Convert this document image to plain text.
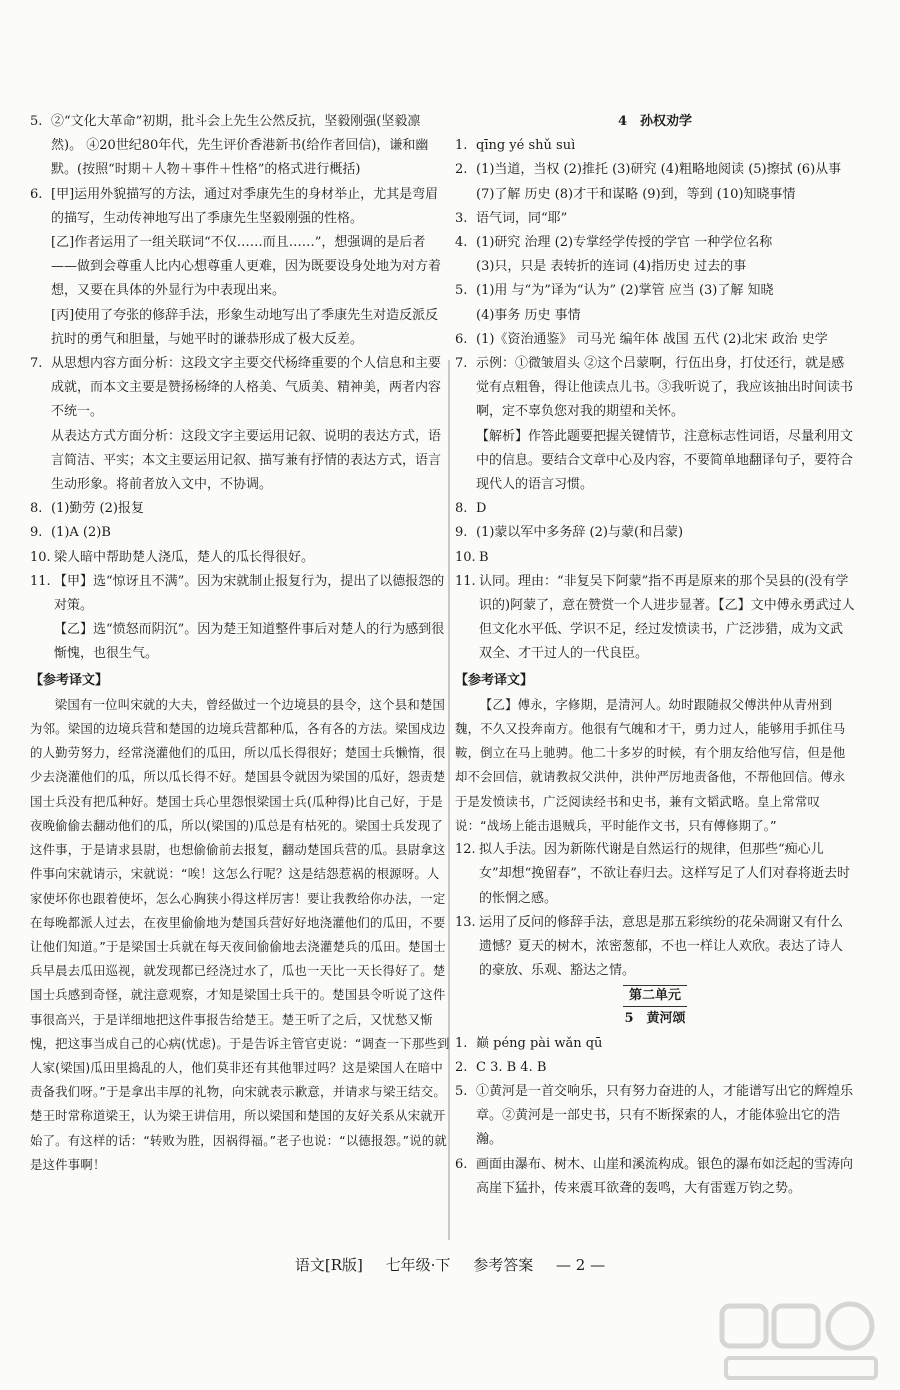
5. ②“文化大革命”初期，批斗会上先生公然反抗，坚毅刚强(坚毅凛然)。 ④20世纪80年代，先生评价香港新书(给作者回信)，谦和幽默。(按照“时期＋人物＋事件＋性格”的格式进行概括)
6. [甲]运用外貌描写的方法，通过对季康先生的身材举止，尤其是弯眉的描写，生动传神地写出了季康先生坚毅刚强的性格。
[乙]作者运用了一组关联词“不仅……而且……”，想强调的是后者——做到会尊重人比内心想尊重人更难，因为既要设身处地为对方着想，又要在具体的外显行为中表现出来。
[丙]使用了夸张的修辞手法，形象生动地写出了季康先生对造反派反抗时的勇气和胆量，与她平时的谦恭形成了极大反差。
7. 从思想内容方面分析：这段文字主要交代杨绛重要的个人信息和主要成就，而本文主要是赞扬杨绛的人格美、气质美、精神美，两者内容不统一。
从表达方式方面分析：这段文字主要运用记叙、说明的表达方式，语言简洁、平实；本文主要运用记叙、描写兼有抒情的表达方式，语言生动形象。将前者放入文中，不协调。
8. (1)勤劳 (2)报复
9. (1)A (2)B
10. 梁人暗中帮助楚人浇瓜，楚人的瓜长得很好。
11. 【甲】选“惊讶且不满”。因为宋就制止报复行为，提出了以德报怨的对策。
【乙】选“愤怒而阴沉”。因为楚王知道整件事后对楚人的行为感到很惭愧，也很生气。
【参考译文】
梁国有一位叫宋就的大夫，曾经做过一个边境县的县令，这个县和楚国为邻。梁国的边境兵营和楚国的边境兵营都种瓜，各有各的方法。梁国戍边的人勤劳努力，经常浇灌他们的瓜田，所以瓜长得很好；楚国士兵懒惰，很少去浇灌他们的瓜，所以瓜长得不好。楚国县令就因为梁国的瓜好，怨责楚国士兵没有把瓜种好。楚国士兵心里怨恨梁国士兵(瓜种得)比自己好，于是夜晚偷偷去翻动他们的瓜，所以(梁国的)瓜总是有枯死的。梁国士兵发现了这件事，于是请求县尉，也想偷偷前去报复，翻动楚国兵营的瓜。县尉拿这件事向宋就请示，宋就说：“唉！这怎么行呢？这是结怨惹祸的根源呀。人家使坏你也跟着使坏，怎么心胸狭小得这样厉害！要让我教给你办法，一定在每晚都派人过去，在夜里偷偷地为楚国兵营好好地浇灌他们的瓜田，不要让他们知道。”于是梁国士兵就在每天夜间偷偷地去浇灌楚兵的瓜田。楚国士兵早晨去瓜田巡视，就发现都已经浇过水了，瓜也一天比一天长得好了。楚国士兵感到奇怪，就注意观察，才知是梁国士兵干的。楚国县令听说了这件事很高兴，于是详细地把这件事报告给楚王。楚王听了之后，又忧愁又惭愧，把这事当成自己的心病(忧虑)。于是告诉主管官吏说：“调查一下那些到人家(梁国)瓜田里捣乱的人，他们莫非还有其他罪过吗？这是梁国人在暗中责备我们呀。”于是拿出丰厚的礼物，向宋就表示歉意，并请求与梁王结交。楚王时常称道梁王，认为梁王讲信用，所以梁国和楚国的友好关系从宋就开始了。有这样的话：“转败为胜，因祸得福。”老子也说：“以德报怨。”说的就是这件事啊！
4　孙权劝学
1. qīng yé shǔ suì
2. (1)当道，当权 (2)推托 (3)研究 (4)粗略地阅读 (5)擦拭 (6)从事 (7)了解 历史 (8)才干和谋略 (9)到，等到 (10)知晓事情
3. 语气词，同“耶”
4. (1)研究 治理 (2)专掌经学传授的学官 一种学位名称
(3)只，只是 表转折的连词 (4)指历史 过去的事
5. (1)用 与“为”译为“认为” (2)掌管 应当 (3)了解 知晓
(4)事务 历史 事情
6. (1)《资治通鉴》 司马光 编年体 战国 五代 (2)北宋 政治 史学
7. 示例：①微皱眉头 ②这个吕蒙啊，行伍出身，打仗还行，就是感觉有点粗鲁，得让他读点儿书。③我听说了，我应该抽出时间读书啊，定不辜负您对我的期望和关怀。
【解析】作答此题要把握关键情节，注意标志性词语，尽量利用文中的信息。要结合文章中心及内容，不要简单地翻译句子，要符合现代人的语言习惯。
8. D
9. (1)蒙以军中多务辞 (2)与蒙(和吕蒙)
10. B
11. 认同。理由：“非复吴下阿蒙”指不再是原来的那个吴县的(没有学识的)阿蒙了，意在赞赏一个人进步显著。【乙】文中傅永勇武过人但文化水平低、学识不足，经过发愤读书，广泛涉猎，成为文武双全、才干过人的一代良臣。
【参考译文】
【乙】傅永，字修期，是清河人。幼时跟随叔父傅洪仲从青州到魏，不久又投奔南方。他很有气魄和才干，勇力过人，能够用手抓住马鞍，倒立在马上驰骋。他二十多岁的时候，有个朋友给他写信，但是他却不会回信，就请教叔父洪仲，洪仲严厉地责备他，不帮他回信。傅永于是发愤读书，广泛阅读经书和史书，兼有文韬武略。皇上常常叹说：“战场上能击退贼兵，平时能作文书，只有傅修期了。”
12. 拟人手法。因为新陈代谢是自然运行的规律，但那些“痴心儿女”却想“挽留春”，不欲让春归去。这样写足了人们对春将逝去时的怅惘之感。
13. 运用了反问的修辞手法，意思是那五彩缤纷的花朵凋谢又有什么遗憾？夏天的树木，浓密葱郁，不也一样让人欢欣。表达了诗人的豪放、乐观、豁达之情。
第二单元
5　黄河颂
1. 巅 péng pài wǎn qū
2. C 3. B 4. B
5. ①黄河是一首交响乐，只有努力奋进的人，才能谱写出它的辉煌乐章。②黄河是一部史书，只有不断探索的人，才能体验出它的浩瀚。
6. 画面由瀑布、树木、山崖和溪流构成。银色的瀑布如泛起的雪涛向高崖下猛扑，传来震耳欲聋的轰鸣，大有雷霆万钧之势。
语文[R版] 七年级·下 参考答案 — 2 —
